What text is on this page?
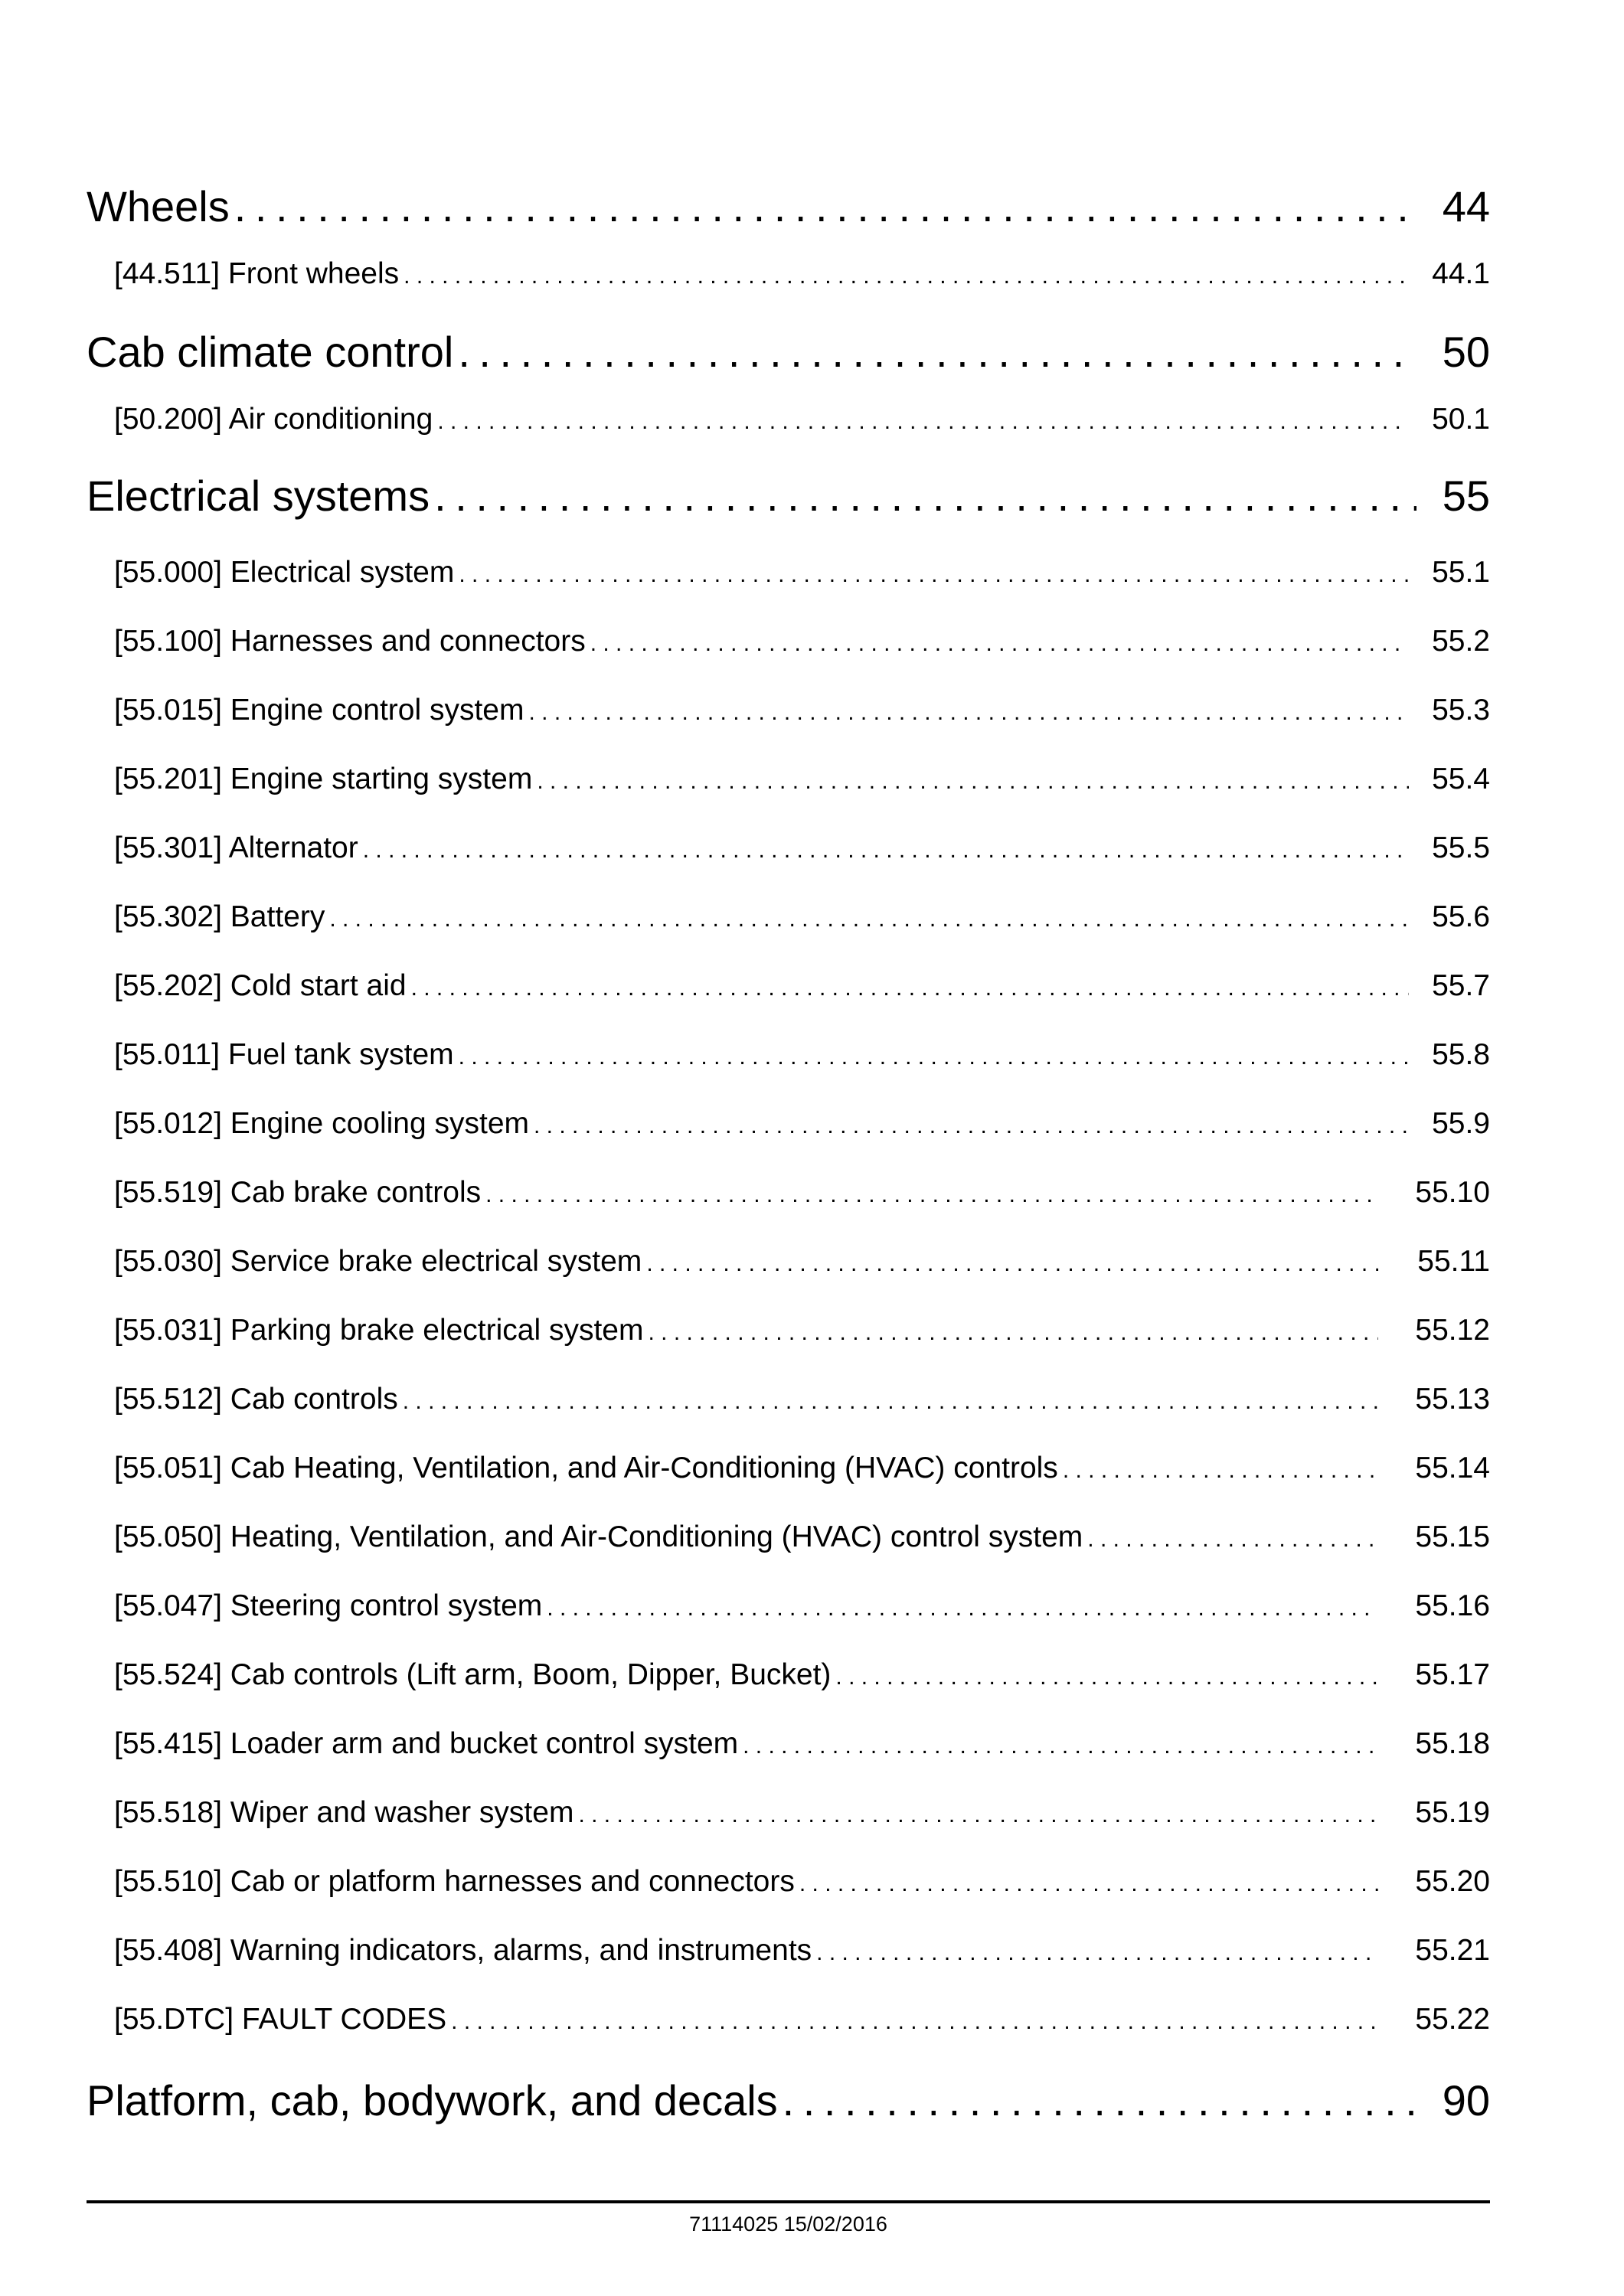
Wheels . . .	44
[44.511] Front wheels . . .	44.1
Cab climate control . . .	50
[50.200] Air conditioning . . .	50.1
Electrical systems . . .	55
[55.000] Electrical system . . .	55.1
[55.100] Harnesses and connectors . . .	55.2
[55.015] Engine control system . . .	55.3
[55.201] Engine starting system . . .	55.4
[55.301] Alternator . . .	55.5
[55.302] Battery . . .	55.6
[55.202] Cold start aid . . .	55.7
[55.011] Fuel tank system . . .	55.8
[55.012] Engine cooling system . . .	55.9
[55.519] Cab brake controls . . .	55.10
[55.030] Service brake electrical system . . .	55.11
[55.031] Parking brake electrical system . . .	55.12
[55.512] Cab controls . . .	55.13
[55.051] Cab Heating, Ventilation, and Air-Conditioning (HVAC) controls . . .	55.14
[55.050] Heating, Ventilation, and Air-Conditioning (HVAC) control system . . .	55.15
[55.047] Steering control system . . .	55.16
[55.524] Cab controls (Lift arm, Boom, Dipper, Bucket) . . .	55.17
[55.415] Loader arm and bucket control system . . .	55.18
[55.518] Wiper and washer system . . .	55.19
[55.510] Cab or platform harnesses and connectors . . .	55.20
[55.408] Warning indicators, alarms, and instruments . . .	55.21
[55.DTC] FAULT CODES . . .	55.22
Platform, cab, bodywork, and decals . . .	90
71114025 15/02/2016
